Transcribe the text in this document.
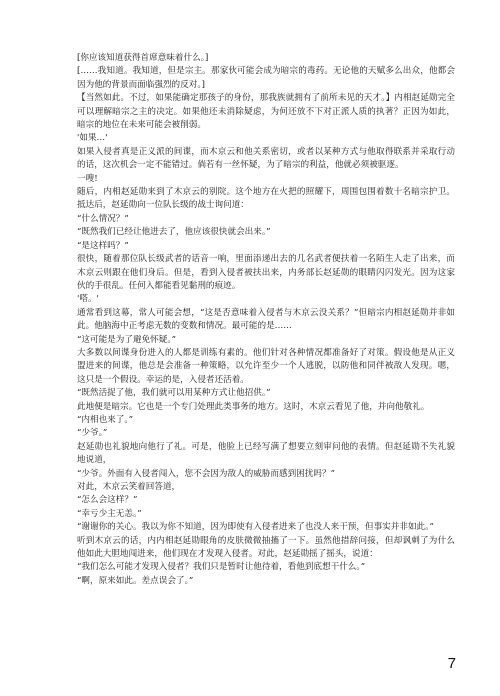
[你应该知道获得首席意味着什么。]

[……我知道。我知道，但是宗主。那家伙可能会成为暗宗的毒药。无论他的天赋多么出众，他都会因为他的背景而面临强烈的反对。]

【当然如此。不过，如果能确定那孩子的身份，那我族就拥有了前所未见的天才。】内相赵延勋完全可以理解暗宗之主的决定。如果他还未消除疑虑，为何还放不下对正派人质的执著？正因为如此，暗宗的地位在未来可能会被削弱。

'如果…'

如果入侵者真是正义派的间谍，而木京云和他关系密切，或者以某种方式与他取得联系并采取行动的话，这次机会一定不能错过。倘若有一丝怀疑，为了暗宗的利益，他就必须被驱逐。

一嗖!

随后，内相赵延勋来到了木京云的别院。这个地方在火把的照耀下，周围包围着数十名暗宗护卫。抵达后，赵延勋向一位队长级的战士询问道：

“什么情况？”

“既然我们已经让他进去了，他应该很快就会出来。”

“是这样吗？”

很快，随着那位队长级武者的话音一响，里面添递出去的几名武者便扶着一名陌生人走了出来，而木京云则跟在他们身后。但是，看到入侵者被扶出来，内务部长赵延勋的眼睛闪闪发光。因为这家伙的手很乱。任何入都能看见黏刑的痕迹。

'嗒。'

通常看到这幕，常人可能会想，“这是否意味着入侵者与木京云没关系？”但暗宗内相赵延勋并非如此。他脑海中正考虑无数的变数和情况。最可能的是……

“这可能是为了避免怀疑。”

大多数以间谍身份进入的人都是训练有素的。他们针对各种情况都准备好了对策。假设他是从正义盟进来的间谍，他总是会准备一种策略，以允许至少一个人逃脱，以防他和同伴被敌人发现。嗯，这只是一个假设。幸运的是，入侵者还活着。

“既然活捉了他，我们就可以用某种方式让他招供。”

此地便是暗宗。它也是一个专门处理此类事务的地方。这时，木京云看见了他，并向他敬礼。

“内相也来了。”

“少爷。”

赵延勋也礼貌地向他行了礼。可是，他脸上已经写满了想要立刻审问他的表情。但赵延勋不失礼貌地说道，

“少爷。外面有入侵者闯入，您不会因为敌人的威胁而感到困扰吗？”

对此，木京云笑着回答道，

“怎么会这样？”

“幸亏少主无恙。”

“谢谢你的关心。我以为你不知道，因为即使有入侵者进来了也没人来干预，但事实并非如此。”

听到木京云的话，内内相赵延勋眼角的皮肤微微抽搐了一下。虽然他措辞问接，但却讽刺了为什么他如此大胆地闯进来，他们现在才发现入侵者。对此，赵延勋摇了摇头，说道：

“我们怎么可能才发现入侵者？我们只是暂时让他待着，看他到底想干什么。”

“啊，原来如此。差点误会了。”

7
